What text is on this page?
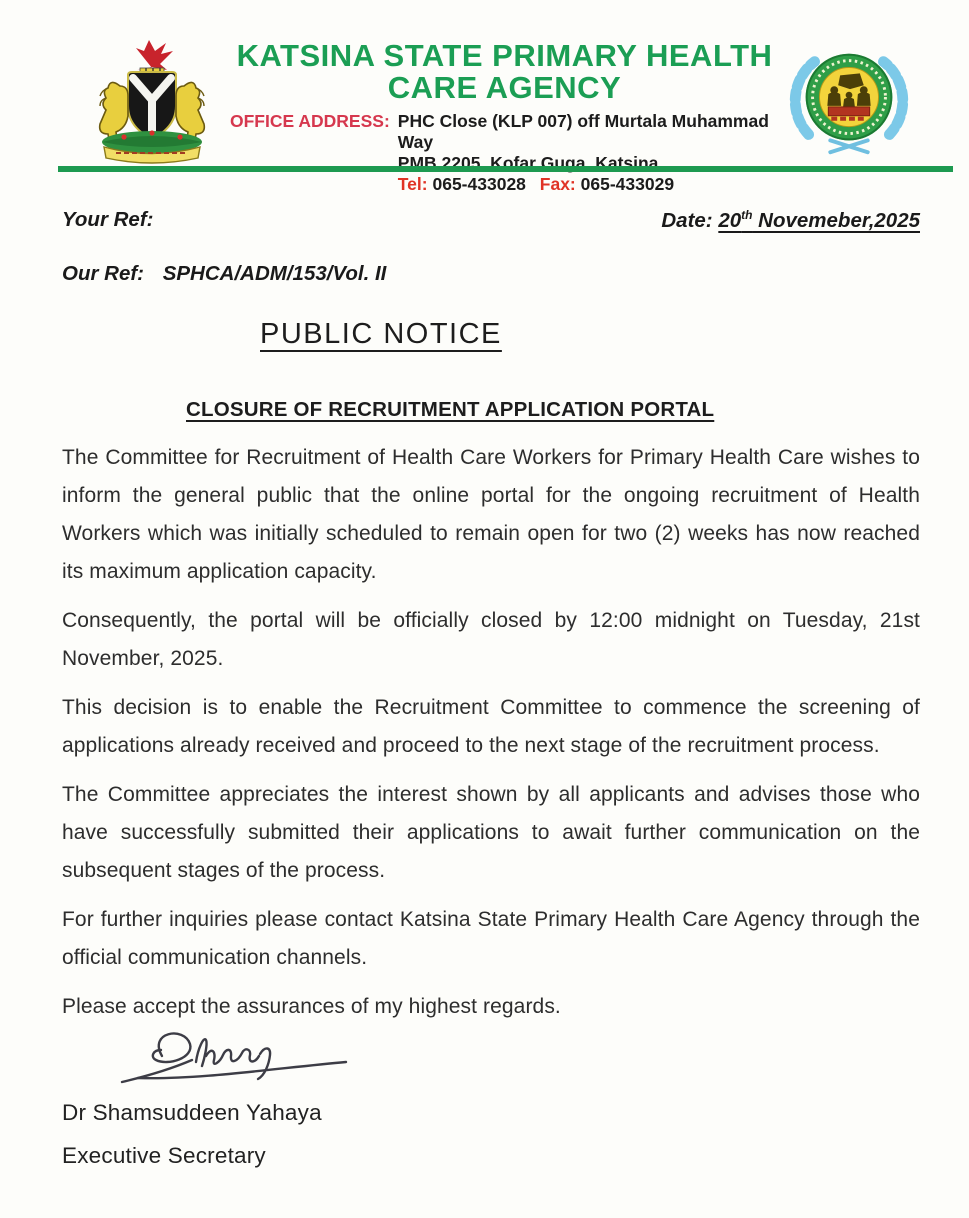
KATSINA STATE PRIMARY HEALTH
CARE AGENCY
OFFICE ADDRESS: PHC Close (KLP 007) off Murtala Muhammad Way
PMB 2205, Kofar Guga, Katsina
Tel: 065-433028 Fax: 065-433029
Your Ref:	Date: 20th Novemeber,2025
Our Ref: SPHCA/ADM/153/Vol. II
PUBLIC NOTICE
CLOSURE OF RECRUITMENT APPLICATION PORTAL

The Committee for Recruitment of Health Care Workers for Primary Health Care wishes to inform the general public that the online portal for the ongoing recruitment of Health Workers which was initially scheduled to remain open for two (2) weeks has now reached its maximum application capacity.

Consequently, the portal will be officially closed by 12:00 midnight on Tuesday, 21st November, 2025.

This decision is to enable the Recruitment Committee to commence the screening of applications already received and proceed to the next stage of the recruitment process.

The Committee appreciates the interest shown by all applicants and advises those who have successfully submitted their applications to await further communication on the subsequent stages of the process.

For further inquiries please contact Katsina State Primary Health Care Agency through the official communication channels.

Please accept the assurances of my highest regards.

Dr Shamsuddeen Yahaya
Executive Secretary
